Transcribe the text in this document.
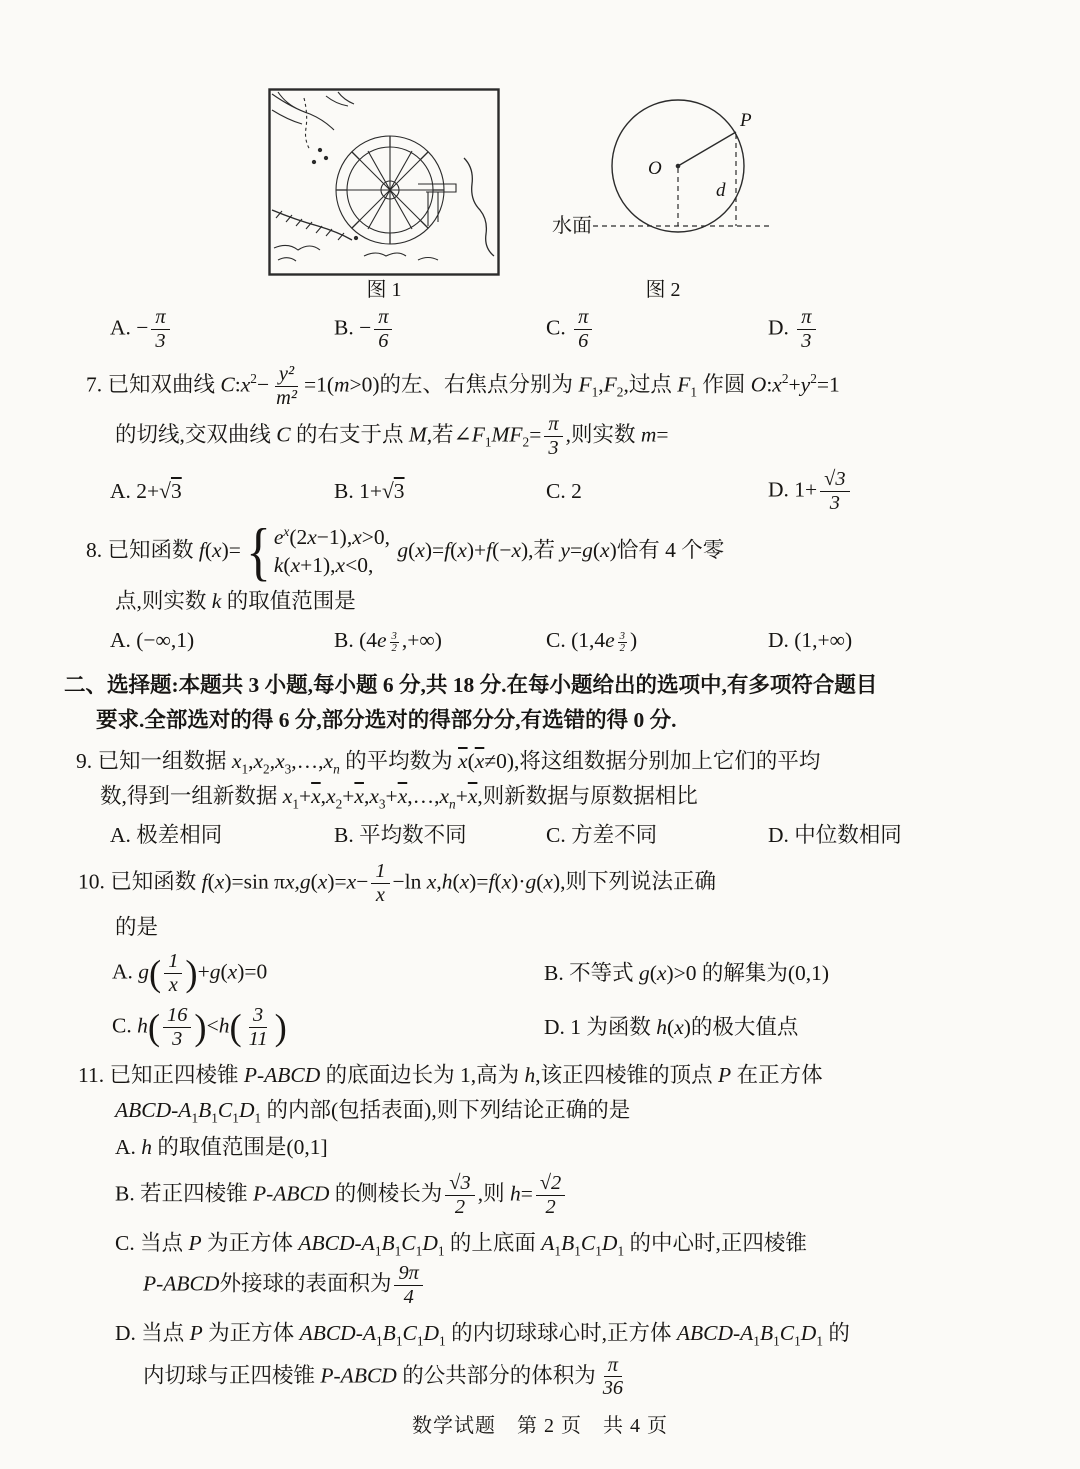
P
O
d
水面
图 1	图 2
A. − $\frac{\pi}{3}$	B. − $\frac{\pi}{6}$	C. $\frac{\pi}{6}$	D. $\frac{\pi}{3}$
7. 已知双曲线 $C:x^2- \frac{\text{y²}}{\text{m²}} =1(m>0)$的左、右焦点分别为 $F_1,F_2$,过点 $F_1$ 作圆 $O:x^2+y^2=1$
的切线,交双曲线 C 的右支于点 M,若$\angle F_1MF_2= \frac{\pi}{3}$ ,则实数 m=
A. 2+√3	B. 1+√3	C. 2	D. $1+ \frac{√3}{3}$
8. 已知函数 f(x)= { $e^x(2x-1),x>0$,
k(x+1),x<0,
g(x)=f(x)+f(−x),若 y=g(x)恰有 4 个零
点,则实数 k 的取值范围是
A. (−∞,1)	B. ($4e \frac{3}{2}$ ,+∞)	C. ($1,4e \frac{3}{2}$ )	D. (1,+∞)
二、选择题:本题共 3 小题,每小题 6 分,共 18 分.在每小题给出的选项中,有多项符合题目
要求.全部选对的得 6 分,部分选对的得部分分,有选错的得 0 分.
9. 已知一组数据 $x_1,x_2,x_3,\dots,x_n$ 的平均数为 $\overline{x}(\overline{x}\ne 0)$,将这组数据分别加上它们的平均
数,得到一组新数据 $x_1+\overline{x},x_2+\overline{x},x_3+\overline{x},\dots,x_n+\overline{x}$,则新数据与原数据相比
A. 极差相同	B. 平均数不同	C. 方差不同	D. 中位数相同
10. 已知函数 f(x)=sin $\pi x,g(x)=x- \frac{1}{x} -\ln$ x,h(x)=f(x)·g(x),则下列说法正确
的是
A. $g( \frac{1}{x} )+g(x)=0$	B. 不等式 g(x)>0 的解集为(0,1)
C. $h( \frac{16}{3} )<h( \frac{3}{11}$ )	D. 1 为函数 h(x)的极大值点
11. 已知正四棱锥 P-ABCD 的底面边长为 1,高为 h,该正四棱锥的顶点 P 在正方体
ABCD-$A_1B_1C_1D_1$ 的内部(包括表面),则下列结论正确的是
A. h 的取值范围是(0,1]
B. 若正四棱锥 P-ABCD 的侧棱长为 $\frac{√3}{2}$ ,则 $h= \frac{√2}{2}$
C. 当点 P 为正方体 ABCD-$A_1B_1C_1D_1$ 的上底面 $A_1B_1C_1D_1$ 的中心时,正四棱锥
P-ABCD外接球的表面积为 $\frac{9\pi}{4}$
D. 当点 P 为正方体 ABCD-$A_1B_1C_1D_1$ 的内切球球心时,正方体 ABCD-$A_1B_1C_1D_1$ 的
内切球与正四棱锥 P-ABCD 的公共部分的体积为 $\frac{\pi}{36}$
数学试题　第 2 页　共 4 页
